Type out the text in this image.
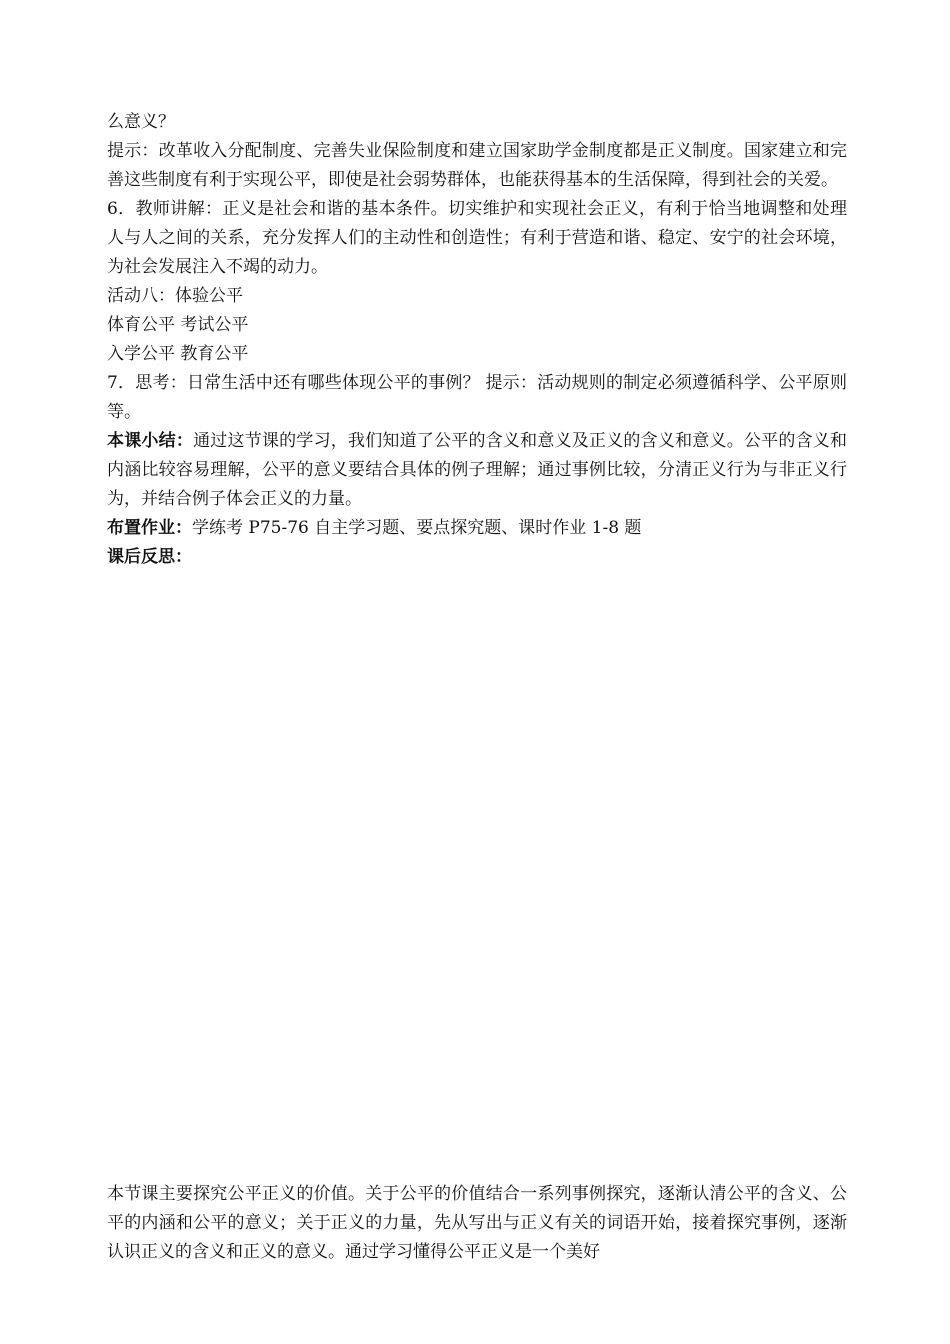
么意义？
提示：改革收入分配制度、完善失业保险制度和建立国家助学金制度都是正义制度。国家建立和完善这些制度有利于实现公平，即使是社会弱势群体，也能获得基本的生活保障，得到社会的关爱。
6．教师讲解：正义是社会和谐的基本条件。切实维护和实现社会正义，有利于恰当地调整和处理人与人之间的关系，充分发挥人们的主动性和创造性；有利于营造和谐、稳定、安宁的社会环境，为社会发展注入不竭的动力。
活动八：体验公平
体育公平 考试公平
入学公平 教育公平
7．思考：日常生活中还有哪些体现公平的事例？ 提示：活动规则的制定必须遵循科学、公平原则等。
本课小结：通过这节课的学习，我们知道了公平的含义和意义及正义的含义和意义。公平的含义和内涵比较容易理解，公平的意义要结合具体的例子理解；通过事例比较，分清正义行为与非正义行为，并结合例子体会正义的力量。
布置作业：学练考 P75-76 自主学习题、要点探究题、课时作业 1-8 题
课后反思：
本节课主要探究公平正义的价值。关于公平的价值结合一系列事例探究，逐渐认清公平的含义、公平的内涵和公平的意义；关于正义的力量，先从写出与正义有关的词语开始，接着探究事例，逐渐认识正义的含义和正义的意义。通过学习懂得公平正义是一个美好
